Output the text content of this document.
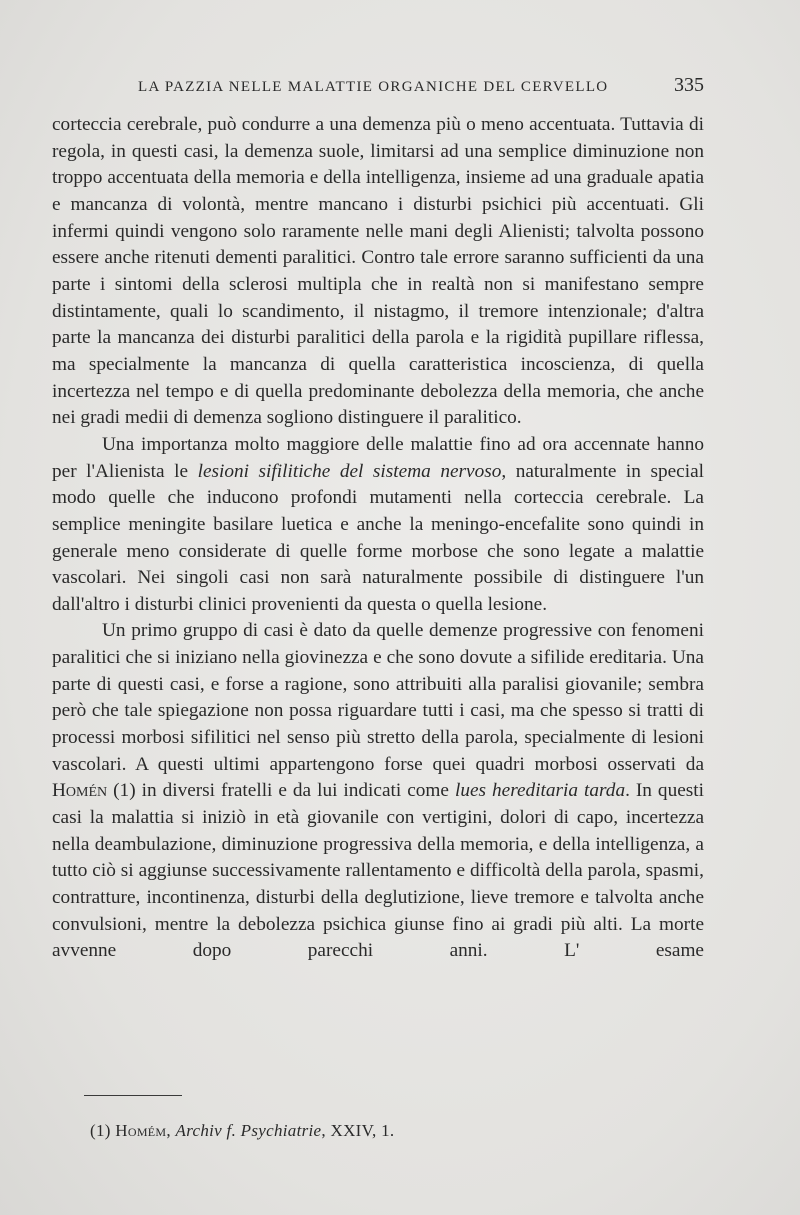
LA PAZZIA NELLE MALATTIE ORGANICHE DEL CERVELLO	335

corteccia cerebrale, può condurre a una demenza più o meno accentuata. Tuttavia di regola, in questi casi, la demenza suole, limitarsi ad una semplice diminuzione non troppo accentuata della memoria e della intelligenza, insieme ad una graduale apatia e mancanza di volontà, mentre mancano i disturbi psichici più accentuati. Gli infermi quindi vengono solo raramente nelle mani degli Alienisti; talvolta possono essere anche ritenuti dementi paralitici. Contro tale errore saranno sufficienti da una parte i sintomi della sclerosi multipla che in realtà non si manifestano sempre distintamente, quali lo scandimento, il nistagmo, il tremore intenzionale; d'altra parte la mancanza dei disturbi paralitici della parola e la rigidità pupillare riflessa, ma specialmente la mancanza di quella caratteristica incoscienza, di quella incertezza nel tempo e di quella predominante debolezza della memoria, che anche nei gradi medii di demenza sogliono distinguere il paralitico.

Una importanza molto maggiore delle malattie fino ad ora accennate hanno per l'Alienista le lesioni sifilitiche del sistema nervoso, naturalmente in special modo quelle che inducono profondi mutamenti nella corteccia cerebrale. La semplice meningite basilare luetica e anche la meningo-encefalite sono quindi in generale meno considerate di quelle forme morbose che sono legate a malattie vascolari. Nei singoli casi non sarà naturalmente possibile di distinguere l'un dall'altro i disturbi clinici provenienti da questa o quella lesione.

Un primo gruppo di casi è dato da quelle demenze progressive con fenomeni paralitici che si iniziano nella giovinezza e che sono dovute a sifilide ereditaria. Una parte di questi casi, e forse a ragione, sono attribuiti alla paralisi giovanile; sembra però che tale spiegazione non possa riguardare tutti i casi, ma che spesso si tratti di processi morbosi sifilitici nel senso più stretto della parola, specialmente di lesioni vascolari. A questi ultimi appartengono forse quei quadri morbosi osservati da Homén (1) in diversi fratelli e da lui indicati come lues hereditaria tarda. In questi casi la malattia si iniziò in età giovanile con vertigini, dolori di capo, incertezza nella deambulazione, diminuzione progressiva della memoria, e della intelligenza, a tutto ciò si aggiunse successivamente rallentamento e difficoltà della parola, spasmi, contratture, incontinenza, disturbi della deglutizione, lieve tremore e talvolta anche convulsioni, mentre la debolezza psichica giunse fino ai gradi più alti. La morte avvenne dopo parecchi anni. L' esame

(1) Homém, Archiv f. Psychiatrie, XXIV, 1.
